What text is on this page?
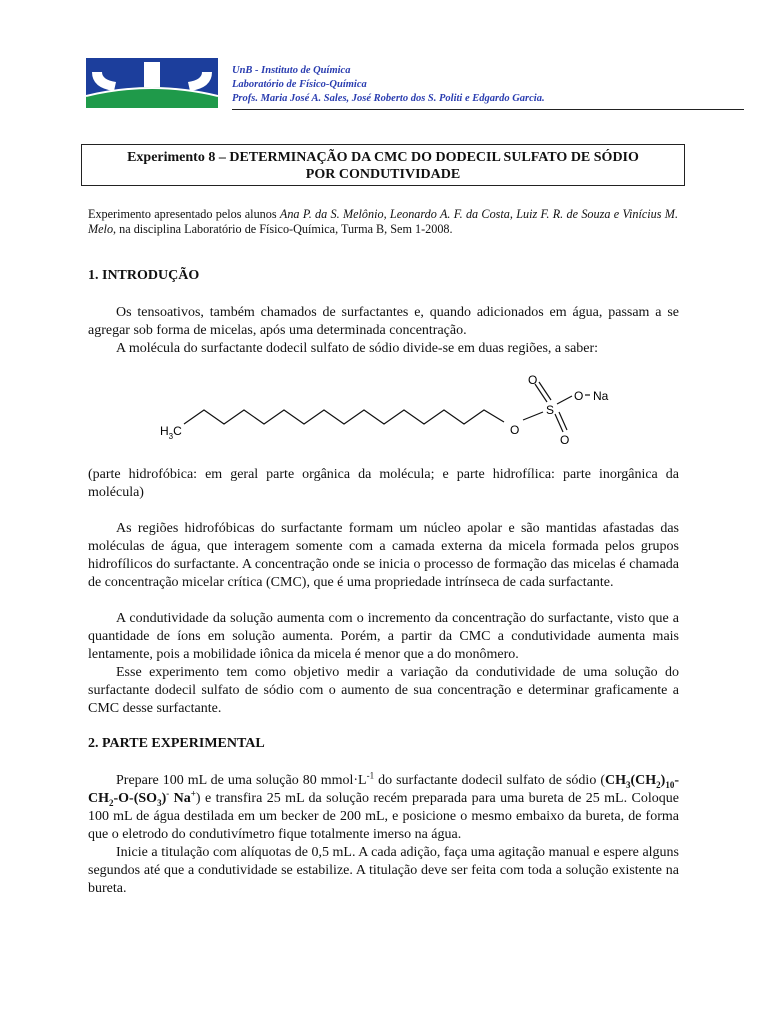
UnB - Instituto de Química
Laboratório de Físico-Química
Profs. Maria José A. Sales, José Roberto dos S. Politi e Edgardo Garcia.
Experimento 8 – DETERMINAÇÃO DA CMC DO DODECIL SULFATO DE SÓDIO
POR CONDUTIVIDADE
Experimento apresentado pelos alunos Ana P. da S. Melônio, Leonardo A. F. da Costa, Luiz F. R. de Souza e Vinícius M. Melo, na disciplina Laboratório de Físico-Química, Turma B, Sem 1-2008.
1. INTRODUÇÃO
Os tensoativos, também chamados de surfactantes e, quando adicionados em água, passam a se agregar sob forma de micelas, após uma determinada concentração.
A molécula do surfactante dodecil sulfato de sódio divide-se em duas regiões, a saber:
$H_3C$	O
S
O
O
O Na
(parte hidrofóbica: em geral parte orgânica da molécula; e parte hidrofílica: parte inorgânica da molécula)
As regiões hidrofóbicas do surfactante formam um núcleo apolar e são mantidas afastadas das moléculas de água, que interagem somente com a camada externa da micela formada pelos grupos hidrofílicos do surfactante. A concentração onde se inicia o processo de formação das micelas é chamada de concentração micelar crítica (CMC), que é uma propriedade intrínseca de cada surfactante.
A condutividade da solução aumenta com o incremento da concentração do surfactante, visto que a quantidade de íons em solução aumenta. Porém, a partir da CMC a condutividade aumenta mais lentamente, pois a mobilidade iônica da micela é menor que a do monômero.
Esse experimento tem como objetivo medir a variação da condutividade de uma solução do surfactante dodecil sulfato de sódio com o aumento de sua concentração e determinar graficamente a CMC desse surfactante.
2. PARTE EXPERIMENTAL
Prepare 100 mL de uma solução 80 $mmol\cdot L^{-1}$ do surfactante dodecil sulfato de sódio ($CH_3(CH_2)_{10}-CH_2-O-(SO_3)^-$ Na+) e transfira 25 mL da solução recém preparada para uma bureta de 25 mL. Coloque 100 mL de água destilada em um becker de 200 mL, e posicione o mesmo embaixo da bureta, de forma que o eletrodo do condutivímetro fique totalmente imerso na água.
Inicie a titulação com alíquotas de 0,5 mL. A cada adição, faça uma agitação manual e espere alguns segundos até que a condutividade se estabilize. A titulação deve ser feita com toda a solução existente na bureta.
